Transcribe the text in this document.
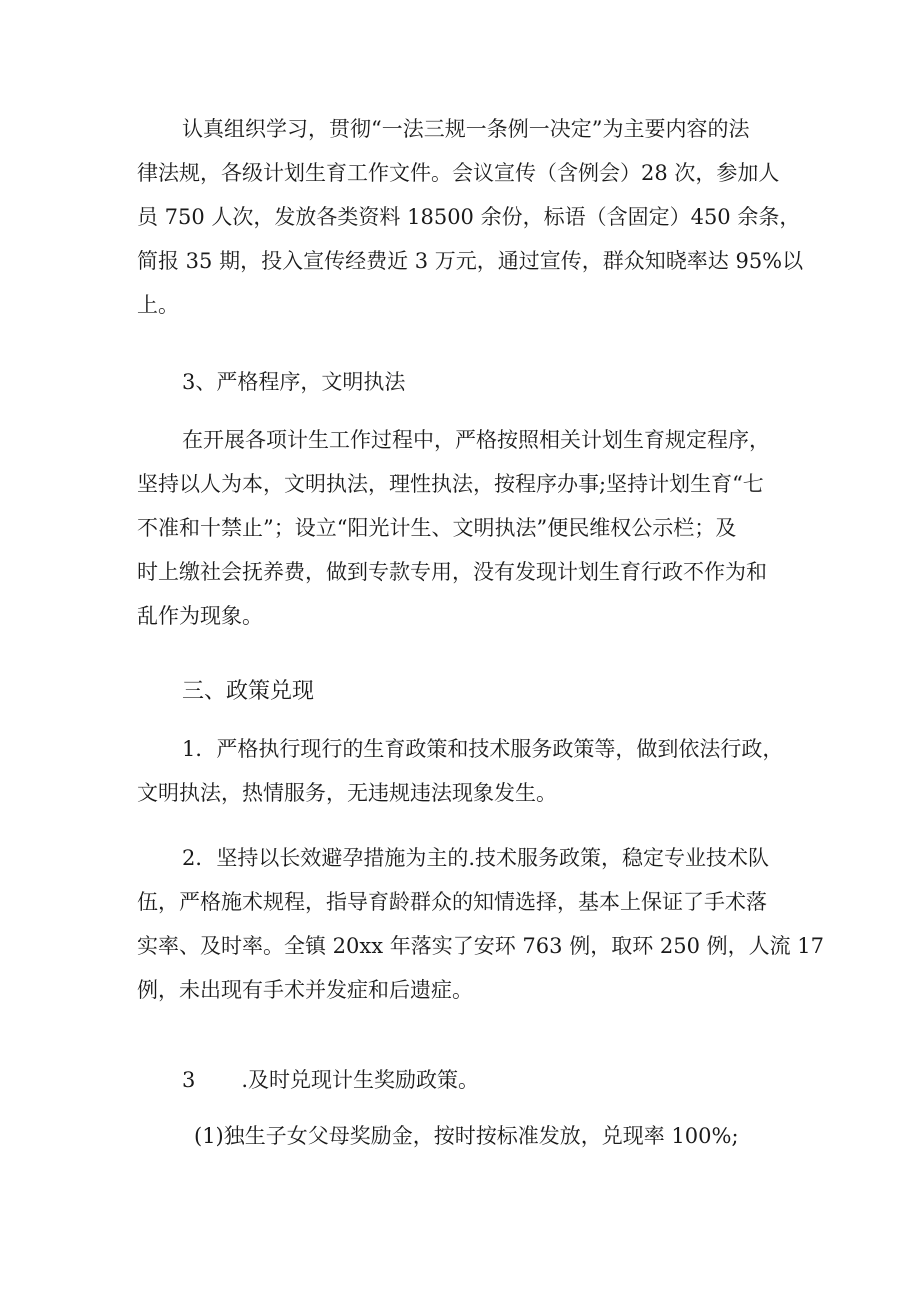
认真组织学习，贯彻“一法三规一条例一决定”为主要内容的法
律法规，各级计划生育工作文件。会议宣传（含例会）28 次，参加人
员 750 人次，发放各类资料 18500 余份，标语（含固定）450 余条，
简报 35 期，投入宣传经费近 3 万元，通过宣传，群众知晓率达 95%以
上。
3、严格程序，文明执法
在开展各项计生工作过程中，严格按照相关计划生育规定程序，
坚持以人为本，文明执法，理性执法，按程序办事;坚持计划生育“七
不准和十禁止”；设立“阳光计生、文明执法”便民维权公示栏；及
时上缴社会抚养费，做到专款专用，没有发现计划生育行政不作为和
乱作为现象。
三、政策兑现
1．严格执行现行的生育政策和技术服务政策等，做到依法行政，
文明执法，热情服务，无违规违法现象发生。
2．坚持以长效避孕措施为主的.技术服务政策，稳定专业技术队
伍，严格施术规程，指导育龄群众的知情选择，基本上保证了手术落
实率、及时率。全镇 20xx 年落实了安环 763 例，取环 250 例，人流 17
例，未出现有手术并发症和后遗症。
3 .及时兑现计生奖励政策。
(1)独生子女父母奖励金，按时按标准发放，兑现率 100%;
